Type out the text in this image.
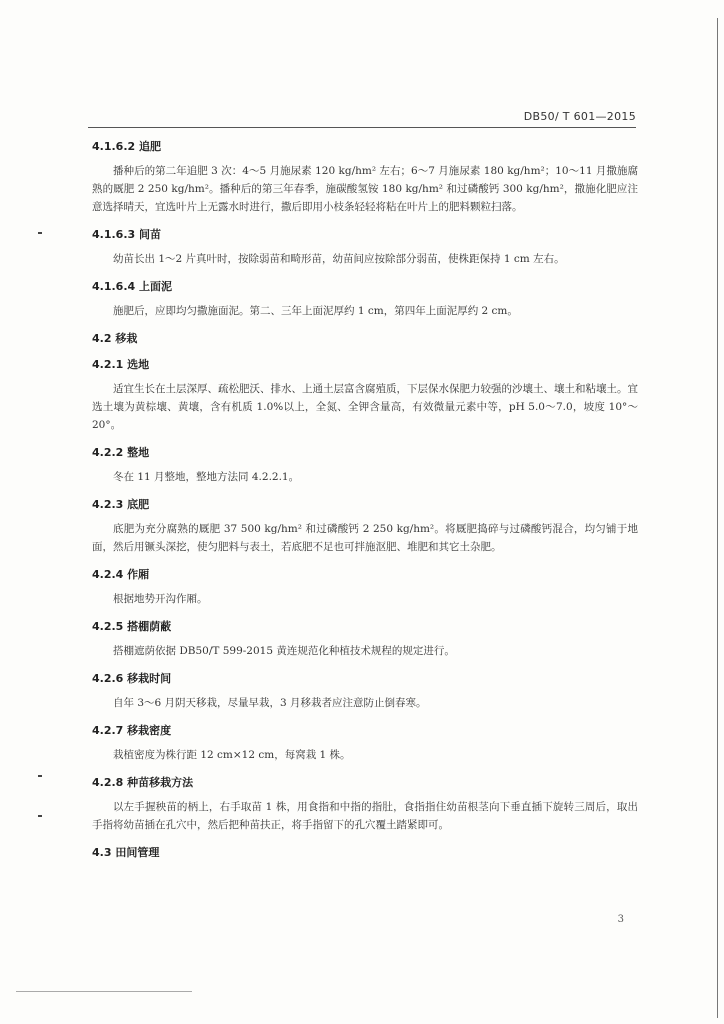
DB50/ T 601—2015
4.1.6.2 追肥

播种后的第二年追肥 3 次：4～5 月施尿素 120 kg/hm² 左右；6～7 月施尿素 180 kg/hm²；10～11 月撒施腐熟的厩肥 2 250 kg/hm²。播种后的第三年春季，施碳酸氢铵 180 kg/hm² 和过磷酸钙 300 kg/hm²，撒施化肥应注意选择晴天，宜选叶片上无露水时进行，撒后即用小枝条轻轻将粘在叶片上的肥料颗粒扫落。

4.1.6.3 间苗

幼苗长出 1～2 片真叶时，按除弱苗和畸形苗，幼苗间应按除部分弱苗，使株距保持 1 cm 左右。

4.1.6.4 上面泥

施肥后，应即均匀撒施面泥。第二、三年上面泥厚约 1 cm，第四年上面泥厚约 2 cm。

4.2 移栽
4.2.1 选地

适宜生长在土层深厚、疏松肥沃、排水、上通土层富含腐殖质，下层保水保肥力较强的沙壤土、壤土和粘壤土。宜选土壤为黄棕壤、黄壤，含有机质 1.0%以上，全氮、全钾含量高，有效微量元素中等，pH 5.0～7.0，坡度 10°～20°。

4.2.2 整地

冬在 11 月整地，整地方法同 4.2.2.1。

4.2.3 底肥

底肥为充分腐熟的厩肥 37 500 kg/hm² 和过磷酸钙 2 250 kg/hm²。将厩肥捣碎与过磷酸钙混合，均匀铺于地面，然后用镢头深挖，使匀肥料与表土，若底肥不足也可拌施沤肥、堆肥和其它土杂肥。

4.2.4 作厢

根据地势开沟作厢。

4.2.5 搭棚荫蔽

搭棚遮荫依据 DB50/T 599-2015 黄连规范化种植技术规程的规定进行。

4.2.6 移栽时间

自年 3～6 月阴天移栽，尽量早栽，3 月移栽者应注意防止倒春寒。

4.2.7 移栽密度

栽植密度为株行距 12 cm×12 cm，每窝栽 1 株。

4.2.8 种苗移栽方法

以左手握秧苗的柄上，右手取苗 1 株，用食指和中指的指肚，食指指住幼苗根茎向下垂直插下旋转三周后，取出手指将幼苗插在孔穴中，然后把种苗扶正，将手指留下的孔穴覆土踏紧即可。

4.3 田间管理
3
